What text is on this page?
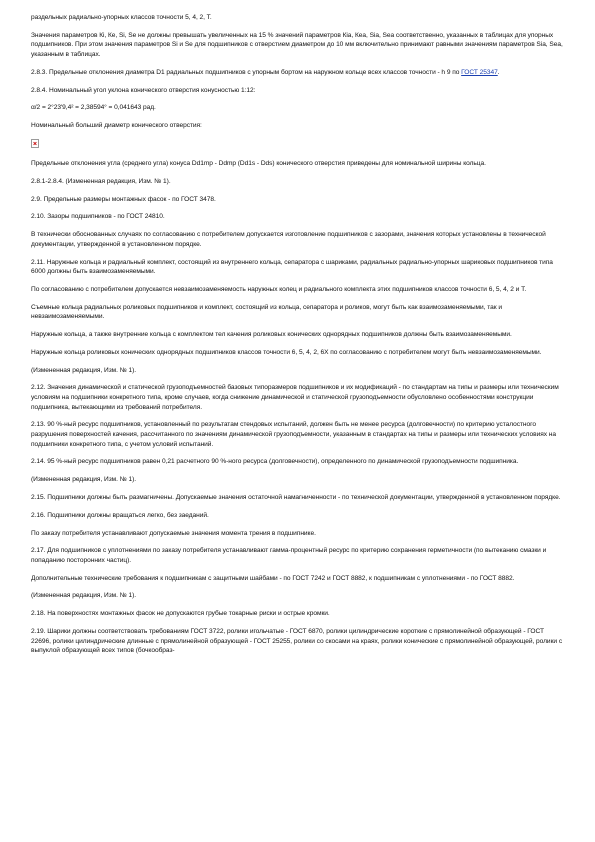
раздельных радиально-упорных классов точности 5, 4, 2, Т.

Значения параметров Кi, Кe, Si, Se не должны превышать увеличенных на 15 % значений параметров Кia, Кea, Sia, Sea соответственно, указанных в таблицах для упорных подшипников. При этом значения параметров Si и Se для подшипников с отверстием диаметром до 10 мм включительно принимают равными значениям параметров Sia, Sea, указанным в таблицах.

2.8.3. Предельные отклонения диаметра D1 радиальных подшипников с упорным бортом на наружном кольце всех классов точности - h 9 по ГОСТ 25347.

2.8.4. Номинальный угол уклона конического отверстия конусностью 1:12:

α/2 = 2°23'9,4² = 2,38594° = 0,041643 рад.

Номинальный больший диаметр конического отверстия:

Предельные отклонения угла (среднего угла) конуса Dd1mp - Ddmp (Dd1s - Dds) конического отверстия приведены для номинальной ширины кольца.

2.8.1-2.8.4. (Измененная редакция, Изм. № 1).

2.9. Предельные размеры монтажных фасок - по ГОСТ 3478.

2.10. Зазоры подшипников - по ГОСТ 24810.

В технически обоснованных случаях по согласованию с потребителем допускается изготовление подшипников с зазорами, значения которых установлены в технической документации, утвержденной в установленном порядке.

2.11. Наружные кольца и радиальный комплект, состоящий из внутреннего кольца, сепаратора с шариками, радиальных радиально-упорных шариковых подшипников типа 6000 должны быть взаимозаменяемыми.

По согласованию с потребителем допускается невзаимозаменяемость наружных колец и радиального комплекта этих подшипников классов точности 6, 5, 4, 2 и Т.

Съемные кольца радиальных роликовых подшипников и комплект, состоящий из кольца, сепаратора и роликов, могут быть как взаимозаменяемыми, так и невзаимозаменяемыми.

Наружные кольца, а также внутренние кольца с комплектом тел качения роликовых конических однорядных подшипников должны быть взаимозаменяемыми.

Наружные кольца роликовых конических однорядных подшипников классов точности 6, 5, 4, 2, 6Х по согласованию с потребителем могут быть невзаимозаменяемыми.

(Измененная редакция, Изм. № 1).

2.12. Значения динамической и статической грузоподъемностей базовых типоразмеров подшипников и их модификаций - по стандартам на типы и размеры или техническим условиям на подшипники конкретного типа, кроме случаев, когда снижение динамической и статической грузоподъемности обусловлено особенностями конструкции подшипника, вытекающими из требований потребителя.

2.13. 90 %-ный ресурс подшипников, установленный по результатам стендовых испытаний, должен быть не менее ресурса (долговечности) по критерию усталостного разрушения поверхностей качения, рассчитанного по значениям динамической грузоподъемности, указанным в стандартах на типы и размеры или технических условиях на подшипники конкретного типа, с учетом условий испытаний.

2.14. 95 %-ный ресурс подшипников равен 0,21 расчетного 90 %-ного ресурса (долговечности), определенного по динамической грузоподъемности подшипника.

(Измененная редакция, Изм. № 1).

2.15. Подшипники должны быть размагничены. Допускаемые значения остаточной намагниченности - по технической документации, утвержденной в установленном порядке.

2.16. Подшипники должны вращаться легко, без заеданий.

По заказу потребителя устанавливают допускаемые значения момента трения в подшипнике.

2.17. Для подшипников с уплотнениями по заказу потребителя устанавливают гамма-процентный ресурс по критерию сохранения герметичности (по вытеканию смазки и попаданию посторонних частиц).

Дополнительные технические требования к подшипникам с защитными шайбами - по ГОСТ 7242 и ГОСТ 8882, к подшипникам с уплотнениями - по ГОСТ 8882.

(Измененная редакция, Изм. № 1).

2.18. На поверхностях монтажных фасок не допускаются грубые токарные риски и острые кромки.

2.19. Шарики должны соответствовать требованиям ГОСТ 3722, ролики игольчатые - ГОСТ 6870, ролики цилиндрические короткие с прямолинейной образующей - ГОСТ 22696, ролики цилиндрические длинные с прямолинейной образующей - ГОСТ 25255, ролики со скосами на краях, ролики конические с прямолинейной образующей, ролики с выпуклой образующей всех типов (бочкообраз-
